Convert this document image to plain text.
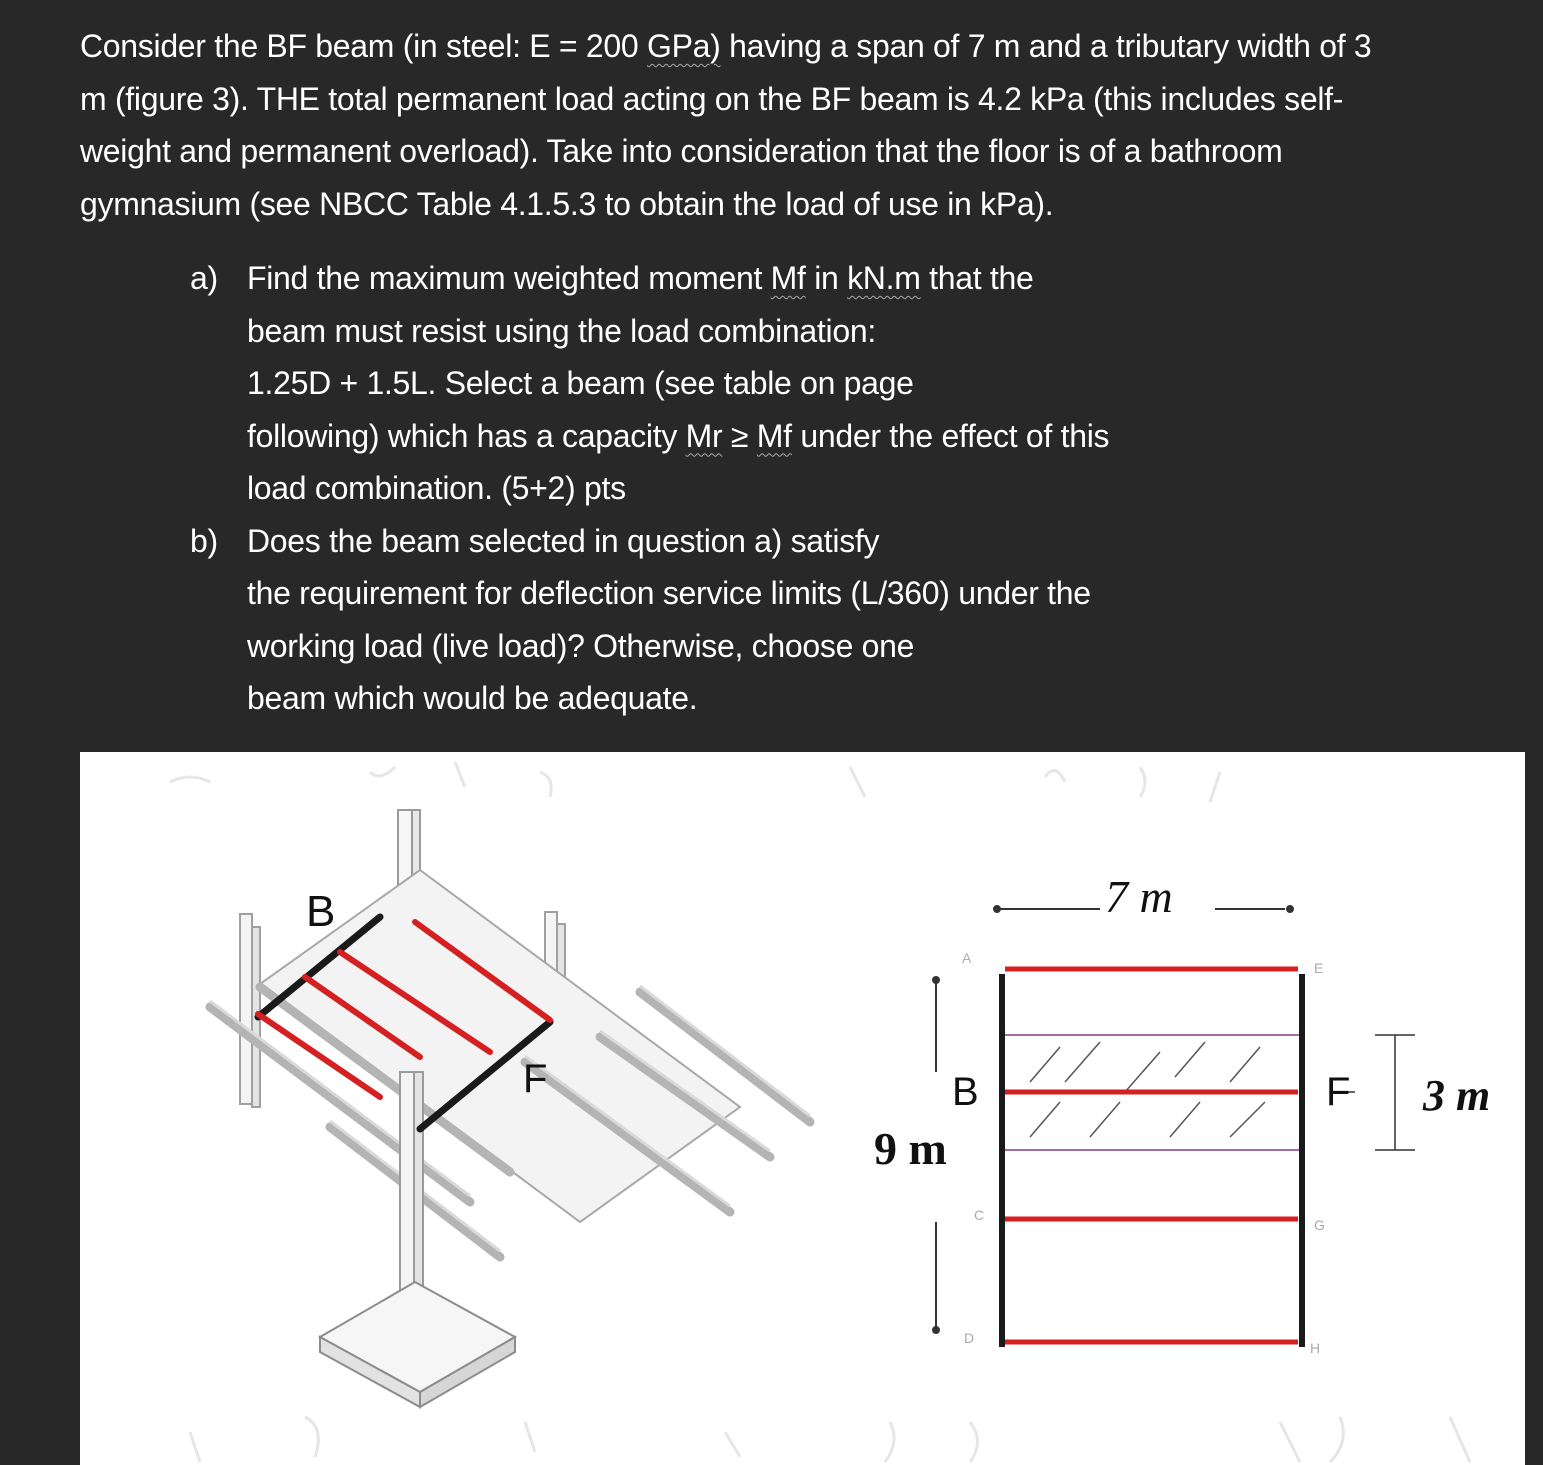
Consider the BF beam (in steel: E = 200 GPa) having a span of 7 m and a tributary width of 3
m (figure 3). THE total permanent load acting on the BF beam is 4.2 kPa (this includes self-
weight and permanent overload). Take into consideration that the floor is of a bathroom
gymnasium (see NBCC Table 4.1.5.3 to obtain the load of use in kPa).

a) Find the maximum weighted moment Mf in kN.m that the
beam must resist using the load combination:
1.25D + 1.5L. Select a beam (see table on page
following) which has a capacity Mr ≥ Mf under the effect of this
load combination. (5+2) pts
b) Does the beam selected in question a) satisfy
the requirement for deflection service limits (L/360) under the
working load (live load)? Otherwise, choose one
beam which would be adequate.
B
F
7 m
9 m
B	F 3 m
A
C
D
E
G
H
